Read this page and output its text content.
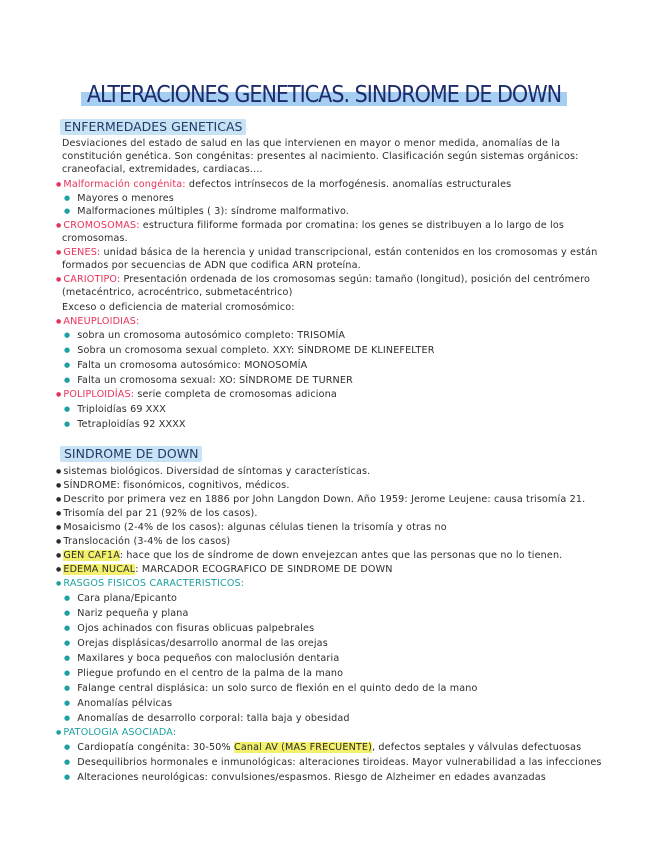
ALTERACIONES GENETICAS. SINDROME DE DOWN
ENFERMEDADES GENETICAS
Desviaciones del estado de salud en las que intervienen en mayor o menor medida, anomalías de la
constitución genética. Son congénitas: presentes al nacimiento. Clasificación según sistemas orgánicos:
craneofacial, extremidades, cardiacas....
● Malformación congénita: defectos intrínsecos de la morfogénesis. anomalías estructurales
● Mayores o menores
● Malformaciones múltiples ( 3): síndrome malformativo.
● CROMOSOMAS: estructura filiforme formada por cromatina: los genes se distribuyen a lo largo de los
cromosomas.
● GENES: unidad básica de la herencia y unidad transcripcional, están contenidos en los cromosomas y están
formados por secuencias de ADN que codifica ARN proteína.
● CARIOTIPO: Presentación ordenada de los cromosomas según: tamaño (longitud), posición del centrómero
(metacéntrico, acrocéntrico, submetacéntrico)
Exceso o deficiencia de material cromosómico:
● ANEUPLOIDIAS:
● sobra un cromosoma autosómico completo: TRISOMÍA
● Sobra un cromosoma sexual completo. XXY: SÍNDROME DE KLINEFELTER
● Falta un cromosoma autosómico: MONOSOMÍA
● Falta un cromosoma sexual: XO: SÍNDROME DE TURNER
● POLIPLOIDÍAS: serie completa de cromosomas adiciona
● Triploidías 69 XXX
● Tetraploidías 92 XXXX
SINDROME DE DOWN
● sistemas biológicos. Diversidad de síntomas y características.
● SÍNDROME: fisonómicos, cognitivos, médicos.
● Descrito por primera vez en 1886 por John Langdon Down. Año 1959: Jerome Leujene: causa trisomía 21.
● Trisomía del par 21 (92% de los casos).
● Mosaicismo (2-4% de los casos): algunas células tienen la trisomía y otras no
● Translocación (3-4% de los casos)
● GEN CAF1A: hace que los de síndrome de down envejezcan antes que las personas que no lo tienen.
● EDEMA NUCAL: MARCADOR ECOGRAFICO DE SINDROME DE DOWN
● RASGOS FISICOS CARACTERISTICOS:
● Cara plana/Epicanto
● Nariz pequeña y plana
● Ojos achinados con fisuras oblicuas palpebrales
● Orejas displásicas/desarrollo anormal de las orejas
● Maxilares y boca pequeños con maloclusión dentaria
● Pliegue profundo en el centro de la palma de la mano
● Falange central displásica: un solo surco de flexión en el quinto dedo de la mano
● Anomalías pélvicas
● Anomalías de desarrollo corporal: talla baja y obesidad
● PATOLOGIA ASOCIADA:
● Cardiopatía congénita: 30-50% Canal AV (MAS FRECUENTE), defectos septales y válvulas defectuosas
● Desequilibrios hormonales e inmunológicas: alteraciones tiroideas. Mayor vulnerabilidad a las infecciones
● Alteraciones neurológicas: convulsiones/espasmos. Riesgo de Alzheimer en edades avanzadas
